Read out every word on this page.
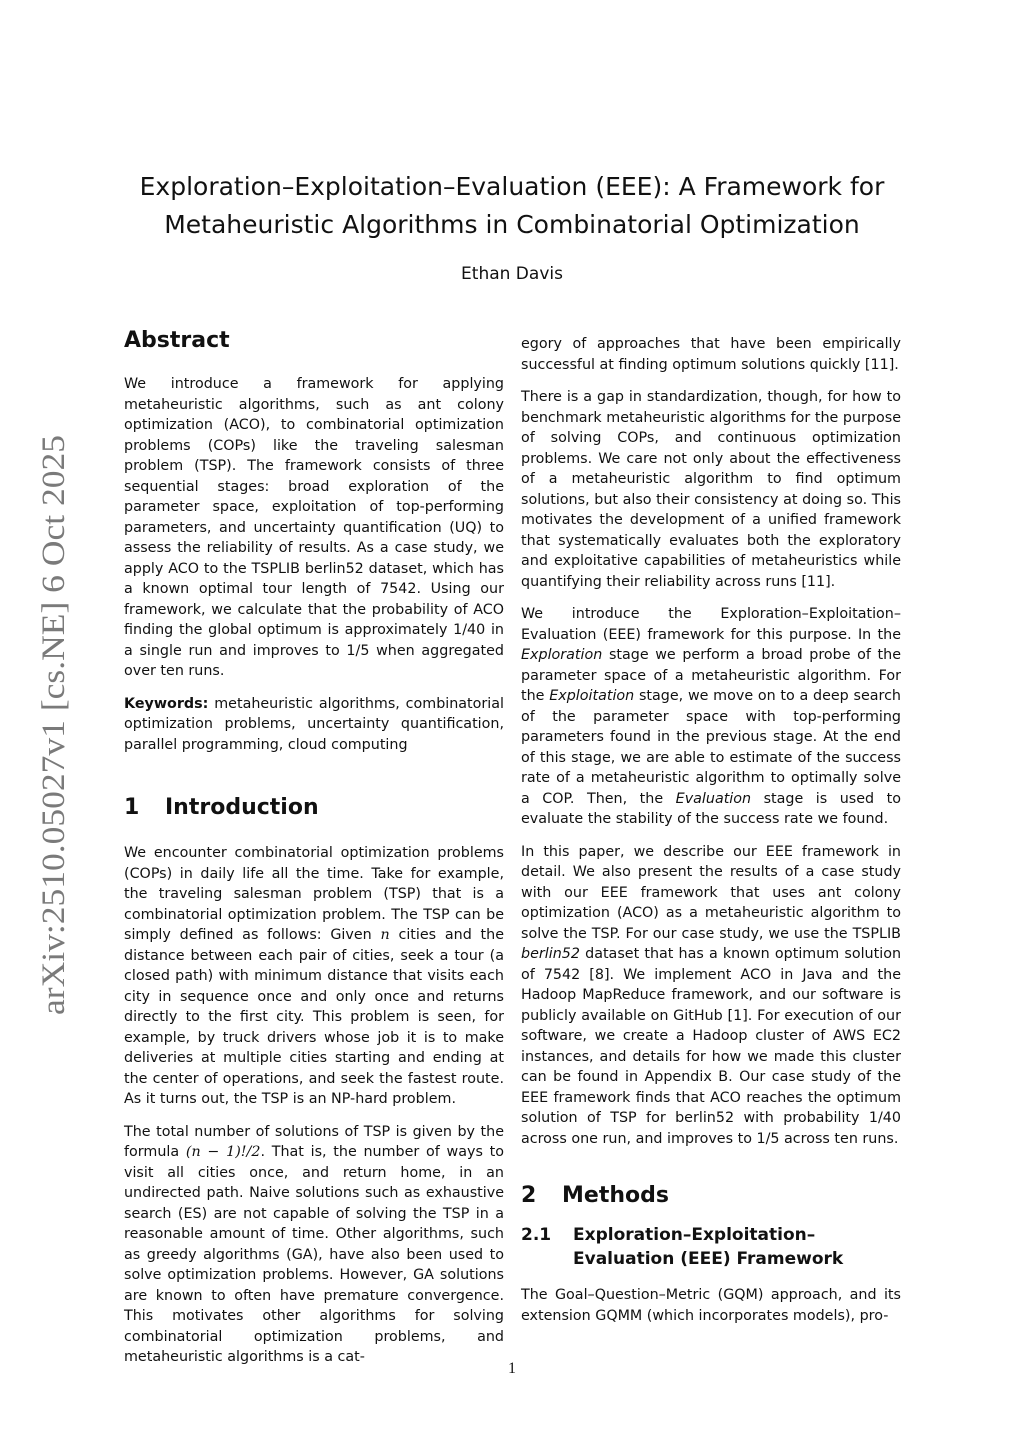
arXiv:2510.05027v1 [cs.NE] 6 Oct 2025
Exploration–Exploitation–Evaluation (EEE): A Framework for
Metaheuristic Algorithms in Combinatorial Optimization
Ethan Davis
Abstract

We introduce a framework for applying metaheuristic algorithms, such as ant colony optimization (ACO), to combinatorial optimization problems (COPs) like the traveling salesman problem (TSP). The framework consists of three sequential stages: broad exploration of the parameter space, exploitation of top-performing parameters, and uncertainty quantification (UQ) to assess the reliability of results. As a case study, we apply ACO to the TSPLIB berlin52 dataset, which has a known optimal tour length of 7542. Using our framework, we calculate that the probability of ACO finding the global optimum is approximately 1/40 in a single run and improves to 1/5 when aggregated over ten runs.

Keywords: metaheuristic algorithms, combinatorial optimization problems, uncertainty quantification, parallel programming, cloud computing

1 Introduction

We encounter combinatorial optimization problems (COPs) in daily life all the time. Take for example, the traveling salesman problem (TSP) that is a combinatorial optimization problem. The TSP can be simply defined as follows: Given n cities and the distance between each pair of cities, seek a tour (a closed path) with minimum distance that visits each city in sequence once and only once and returns directly to the first city. This problem is seen, for example, by truck drivers whose job it is to make deliveries at multiple cities starting and ending at the center of operations, and seek the fastest route. As it turns out, the TSP is an NP-hard problem.

The total number of solutions of TSP is given by the formula (n − 1)!/2. That is, the number of ways to visit all cities once, and return home, in an undirected path. Naive solutions such as exhaustive search (ES) are not capable of solving the TSP in a reasonable amount of time. Other algorithms, such as greedy algorithms (GA), have also been used to solve optimization problems. However, GA solutions are known to often have premature convergence. This motivates other algorithms for solving combinatorial optimization problems, and metaheuristic algorithms is a cat-

egory of approaches that have been empirically successful at finding optimum solutions quickly [11].

There is a gap in standardization, though, for how to benchmark metaheuristic algorithms for the purpose of solving COPs, and continuous optimization problems. We care not only about the effectiveness of a metaheuristic algorithm to find optimum solutions, but also their consistency at doing so. This motivates the development of a unified framework that systematically evaluates both the exploratory and exploitative capabilities of metaheuristics while quantifying their reliability across runs [11].

We introduce the Exploration–Exploitation–Evaluation (EEE) framework for this purpose. In the Exploration stage we perform a broad probe of the parameter space of a metaheuristic algorithm. For the Exploitation stage, we move on to a deep search of the parameter space with top-performing parameters found in the previous stage. At the end of this stage, we are able to estimate of the success rate of a metaheuristic algorithm to optimally solve a COP. Then, the Evaluation stage is used to evaluate the stability of the success rate we found.

In this paper, we describe our EEE framework in detail. We also present the results of a case study with our EEE framework that uses ant colony optimization (ACO) as a metaheuristic algorithm to solve the TSP. For our case study, we use the TSPLIB berlin52 dataset that has a known optimum solution of 7542 [8]. We implement ACO in Java and the Hadoop MapReduce framework, and our software is publicly available on GitHub [1]. For execution of our software, we create a Hadoop cluster of AWS EC2 instances, and details for how we made this cluster can be found in Appendix B. Our case study of the EEE framework finds that ACO reaches the optimum solution of TSP for berlin52 with probability 1/40 across one run, and improves to 1/5 across ten runs.

2 Methods
2.1	Exploration–Exploitation–Evaluation (EEE) Framework

The Goal–Question–Metric (GQM) approach, and its extension GQMM (which incorporates models), pro-

1
